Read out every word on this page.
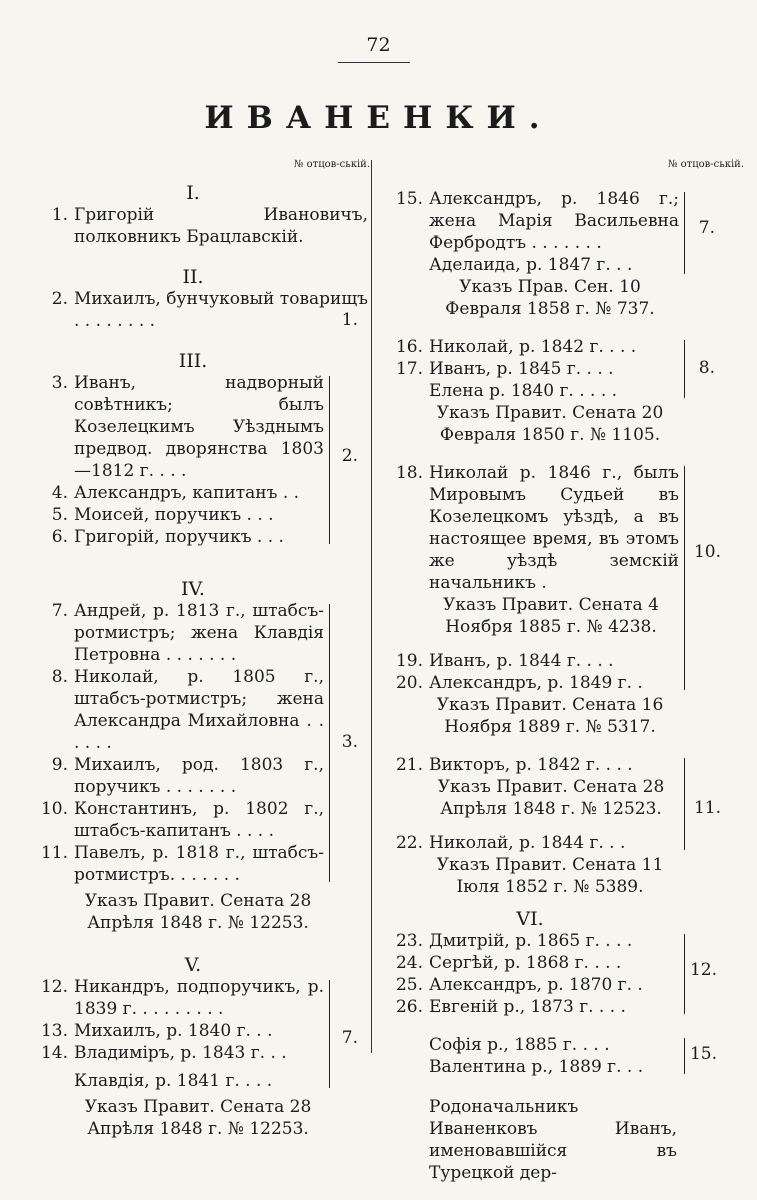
72
ИВАНЕНКИ.
№ отцов-ській.
I.
1. Григорій Ивановичъ, полковникъ Брацлавскій.
II.
2. Михаилъ, бунчуковый товарищъ . . . . . . . .	1.
III.
3. Иванъ, надворный совѣтникъ; былъ Козелецкимъ Уѣзднымъ предвод. дворянства 1803—1812 г. . . .
4. Александръ, капитанъ . .
5. Моисей, поручикъ . . .
6. Григорій, поручикъ . . .
2.
IV.
7. Андрей, р. 1813 г., штабсъ-ротмистръ; жена Клавдія Петровна . . . . . . .
8. Николай, р. 1805 г., штабсъ-ротмистръ; жена Александра Михайловна . . . . . .
9. Михаилъ, род. 1803 г., поручикъ . . . . . . .
10. Константинъ, р. 1802 г., штабсъ-капитанъ . . . .
11. Павелъ, р. 1818 г., штабсъ-ротмистръ. . . . . . .
3.
Указъ Правит. Сената 28 Апрѣля 1848 г. № 12253.
V.
12. Никандръ, подпоручикъ, р. 1839 г. . . . . . . . .
13. Михаилъ, р. 1840 г. . .
14. Владиміръ, р. 1843 г. . .
Клавдія, р. 1841 г. . . .
7.
Указъ Правит. Сената 28 Апрѣля 1848 г. № 12253.
№ отцов-ській.
15. Александръ, р. 1846 г.; жена Марія Васильевна Фербродтъ . . . . . . .
Аделаида, р. 1847 г. . .
7.
Указъ Прав. Сен. 10 Февраля 1858 г. № 737.
16. Николай, р. 1842 г. . . .
17. Иванъ, р. 1845 г. . . .
Елена р. 1840 г. . . . .
8.
Указъ Правит. Сената 20 Февраля 1850 г. № 1105.
18. Николай р. 1846 г., былъ Мировымъ Судьей въ Козелецкомъ уѣздѣ, а въ настоящее время, въ этомъ же уѣздѣ земскій начальникъ .
Указъ Правит. Сената 4 Ноября 1885 г. № 4238.
19. Иванъ, р. 1844 г. . . .
20. Александръ, р. 1849 г. .
10.
Указъ Правит. Сената 16 Ноября 1889 г. № 5317.
21. Викторъ, р. 1842 г. . . .
Указъ Правит. Сената 28 Апрѣля 1848 г. № 12523.
22. Николай, р. 1844 г. . .
11.
Указъ Правит. Сената 11 Іюля 1852 г. № 5389.
VI.
23. Дмитрій, р. 1865 г. . . .
24. Сергѣй, р. 1868 г. . . .
25. Александръ, р. 1870 г. .
26. Евгеній р., 1873 г. . . .
12.
Софія р., 1885 г. . . .
Валентина р., 1889 г. . .
15.
Родоначальникъ Иваненковъ Иванъ, именовавшійся въ Турецкой дер-
